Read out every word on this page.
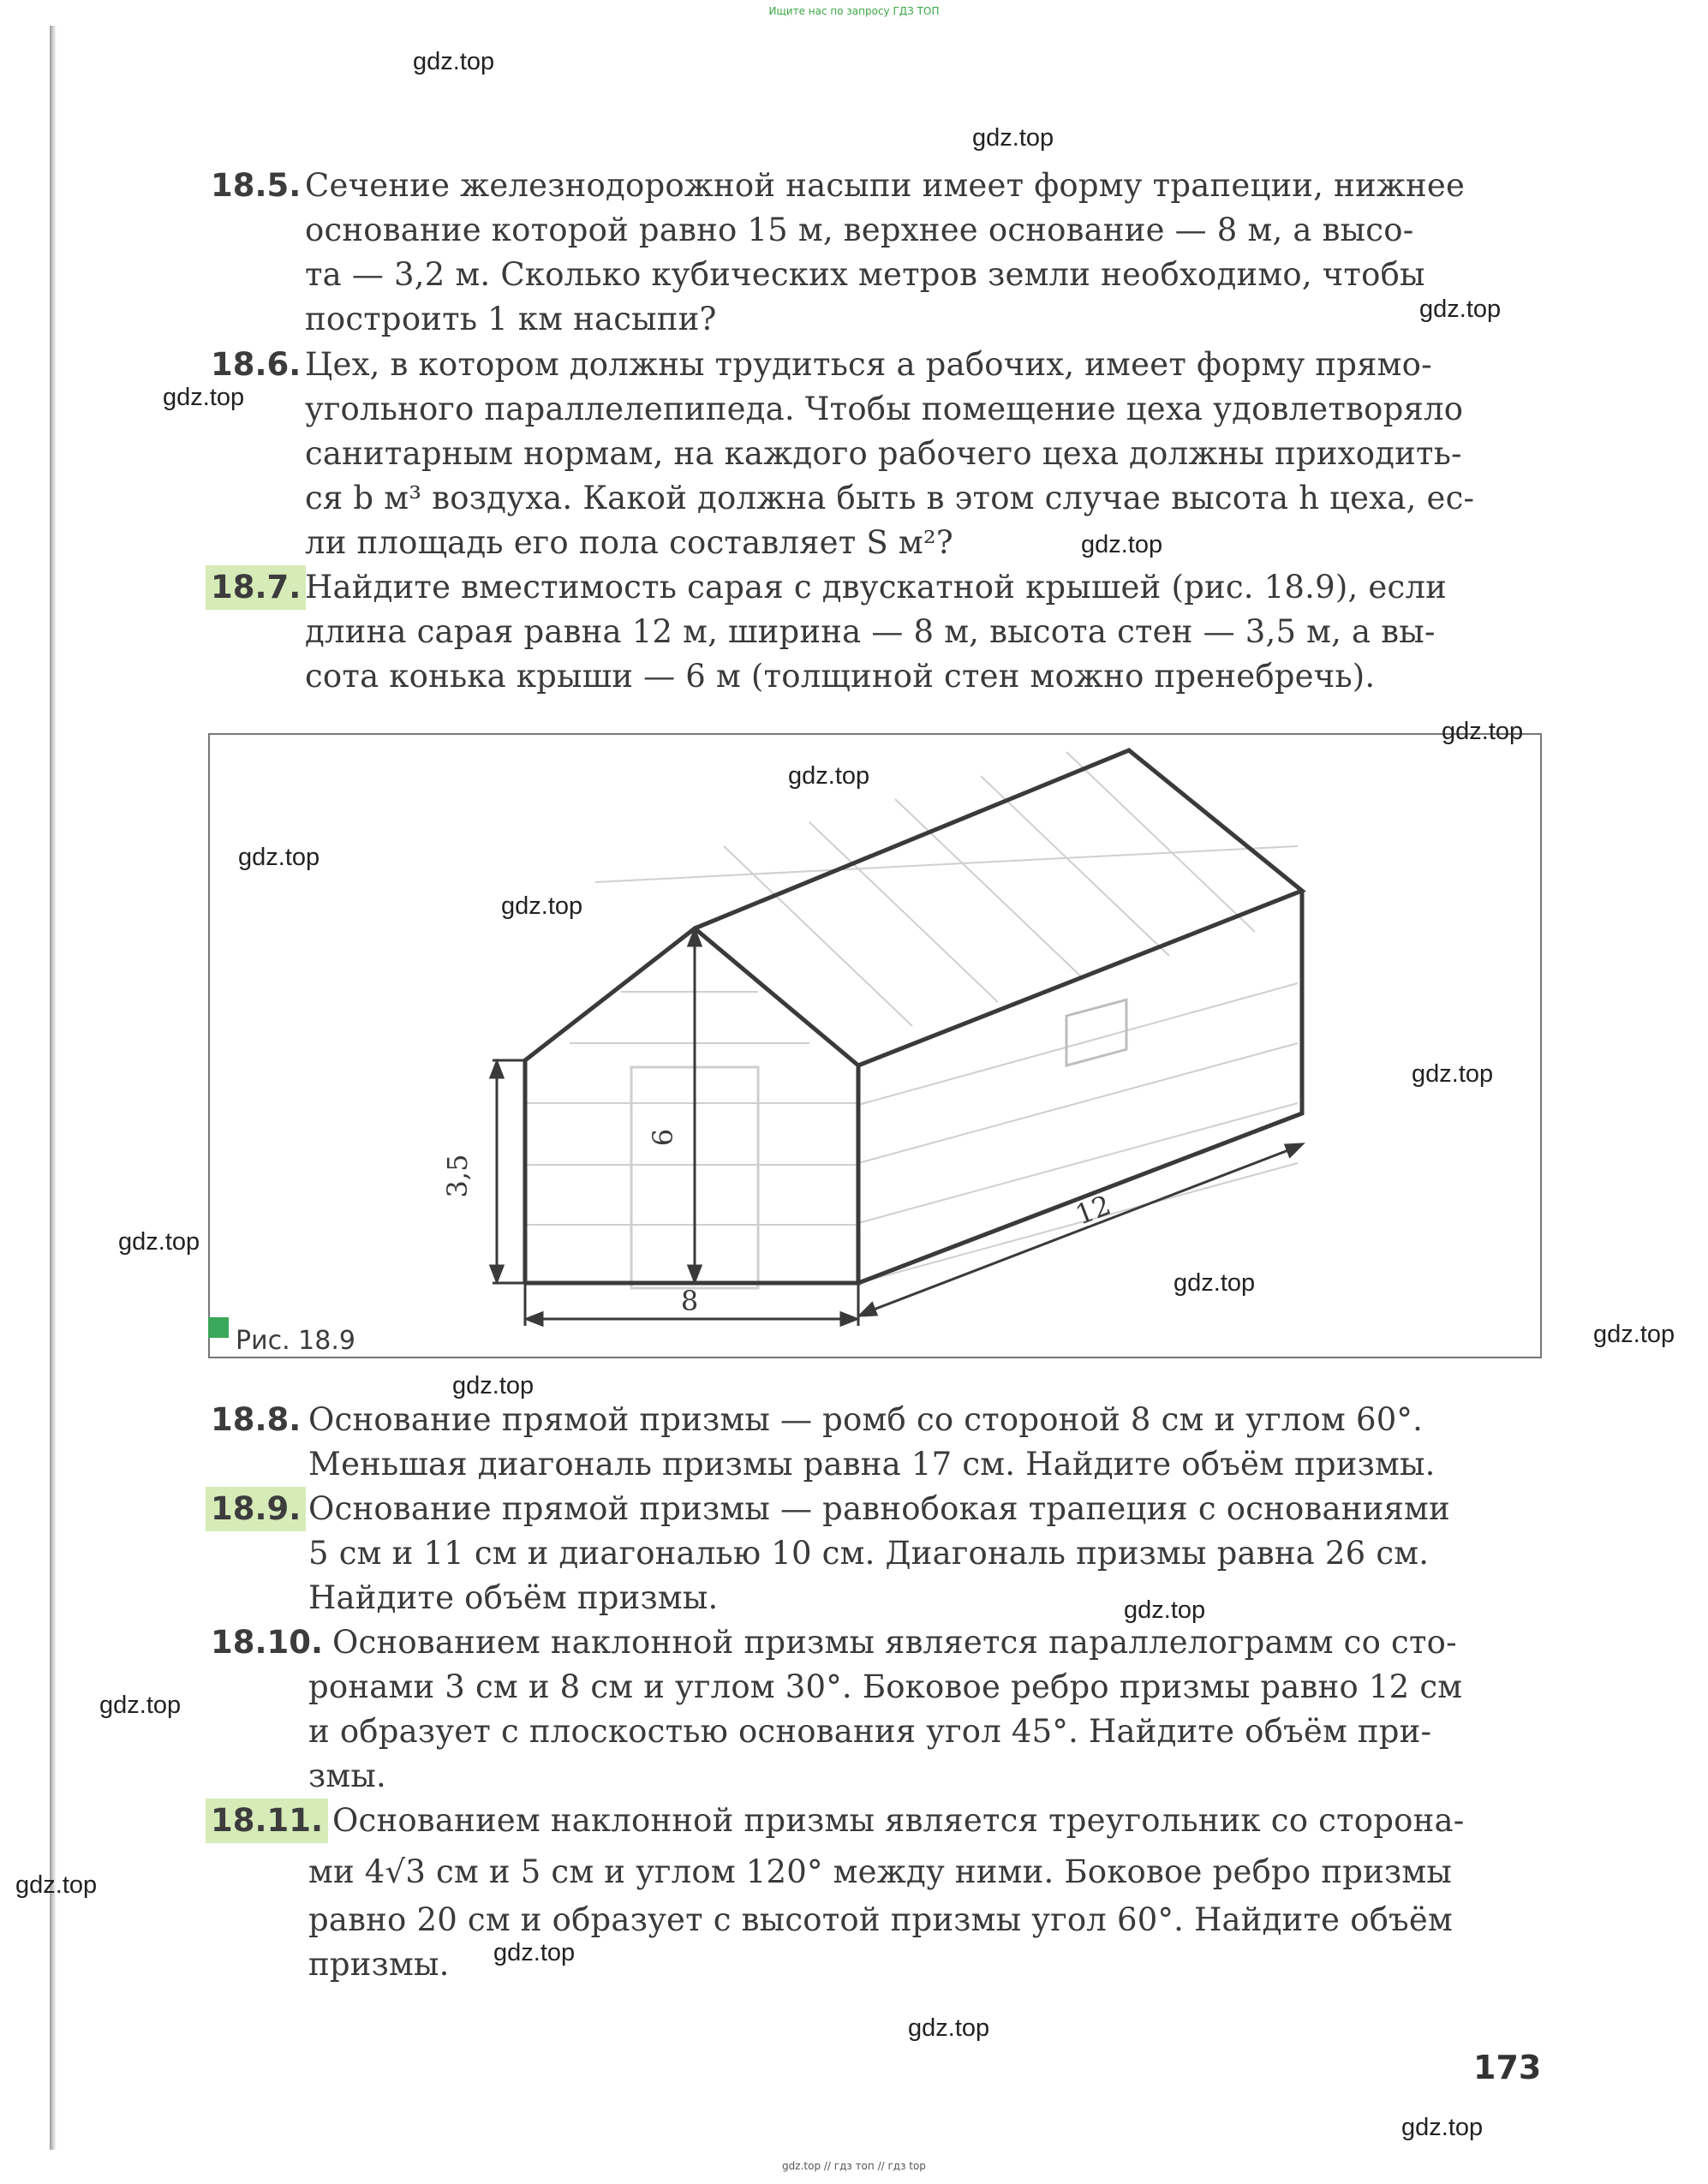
Ищите нас по запросу ГДЗ ТОП
18.5. Сечение железнодорожной насыпи имеет форму трапеции, нижнее
основание которой равно 15 м, верхнее основание — 8 м, а высо-
та — 3,2 м. Сколько кубических метров земли необходимо, чтобы
построить 1 км насыпи?
18.6. Цех, в котором должны трудиться a рабочих, имеет форму прямо-
угольного параллелепипеда. Чтобы помещение цеха удовлетворяло
санитарным нормам, на каждого рабочего цеха должны приходить-
ся b м³ воздуха. Какой должна быть в этом случае высота h цеха, ес-
ли площадь его пола составляет S м²?
18.7. Найдите вместимость сарая с двускатной крышей (рис. 18.9), если
длина сарая равна 12 м, ширина — 8 м, высота стен — 3,5 м, а вы-
сота конька крыши — 6 м (толщиной стен можно пренебречь).
3,5
6
8
12
Рис. 18.9
18.8. Основание прямой призмы — ромб со стороной 8 см и углом 60°.
Меньшая диагональ призмы равна 17 см. Найдите объём призмы.
18.9. Основание прямой призмы — равнобокая трапеция с основаниями
5 см и 11 см и диагональю 10 см. Диагональ призмы равна 26 см.
Найдите объём призмы.
18.10. Основанием наклонной призмы является параллелограмм со сто-
ронами 3 см и 8 см и углом 30°. Боковое ребро призмы равно 12 см
и образует с плоскостью основания угол 45°. Найдите объём при-
змы.
18.11. Основанием наклонной призмы является треугольник со сторона-
ми 4√3 см и 5 см и углом 120° между ними. Боковое ребро призмы
равно 20 см и образует с высотой призмы угол 60°. Найдите объём
призмы.
173
gdz.top
gdz.top
gdz.top
gdz.top
gdz.top
gdz.top
gdz.top
gdz.top
gdz.top
gdz.top
gdz.top
gdz.top
gdz.top
gdz.top
gdz.top
gdz.top
gdz.top
gdz.top
gdz.top
gdz.top
gdz.top // гдз топ // гдз top
